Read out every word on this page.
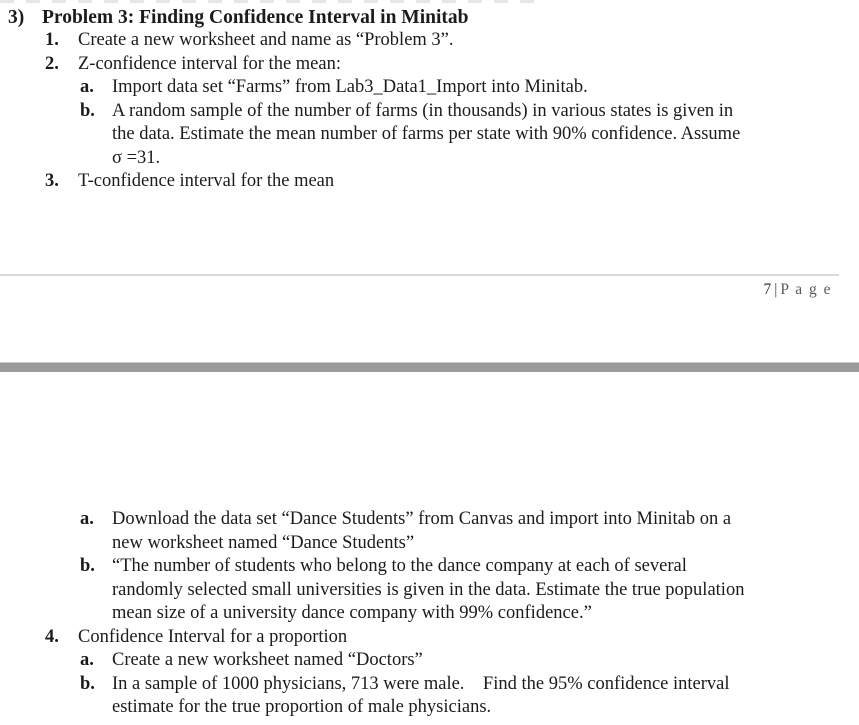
3)

Problem 3: Finding Confidence Interval in Minitab

1. Create a new worksheet and name as “Problem 3”.
2. Z-confidence interval for the mean:
a. Import data set “Farms” from Lab3_Data1_Import into Minitab.
b. A random sample of the number of farms (in thousands) in various states is given in
the data. Estimate the mean number of farms per state with 90% confidence. Assume
σ =31.
3. T-confidence interval for the mean
7 | P a g e
a. Download the data set “Dance Students” from Canvas and import into Minitab on a
new worksheet named “Dance Students”
b. “The number of students who belong to the dance company at each of several
randomly selected small universities is given in the data. Estimate the true population
mean size of a university dance company with 99% confidence.”
4. Confidence Interval for a proportion
a. Create a new worksheet named “Doctors”
b. In a sample of 1000 physicians, 713 were male.    Find the 95% confidence interval
estimate for the true proportion of male physicians.
